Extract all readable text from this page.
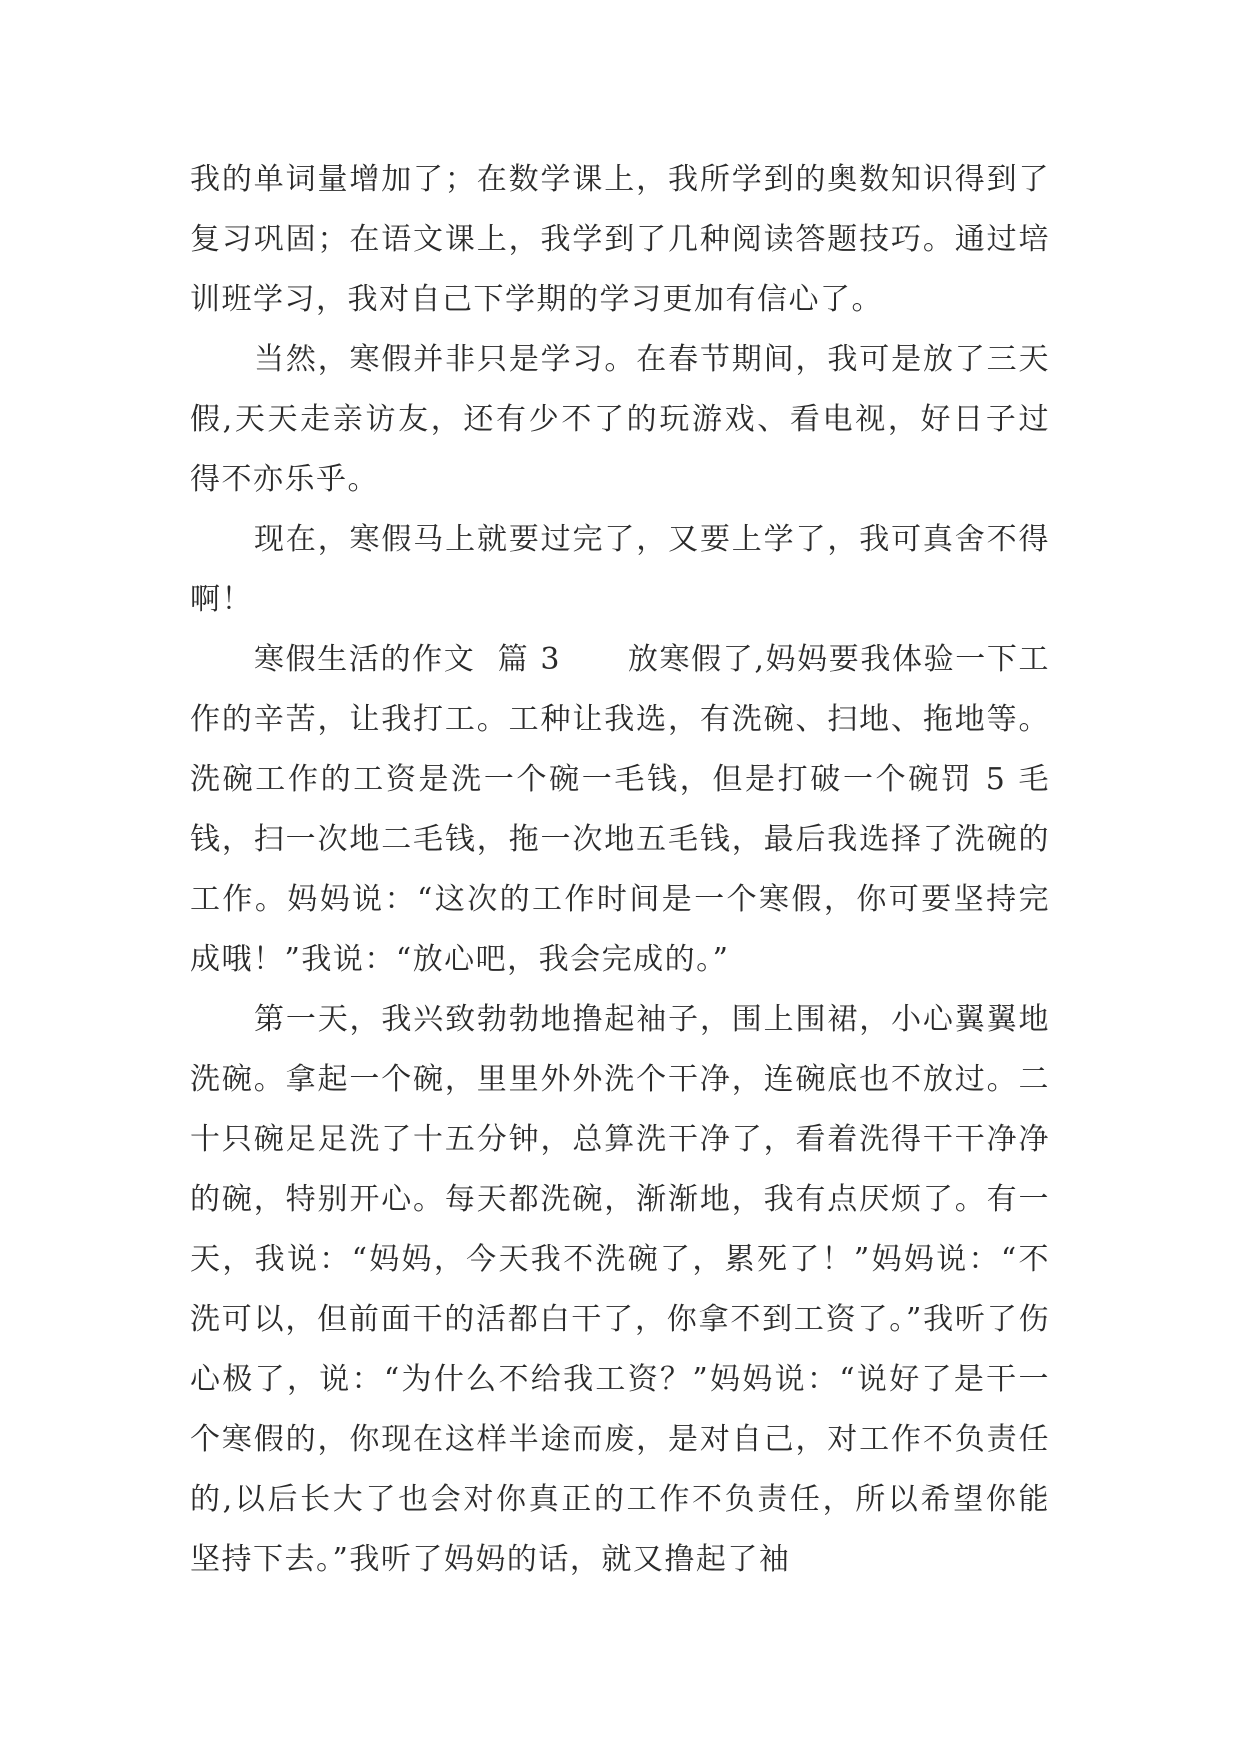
我的单词量增加了；在数学课上，我所学到的奥数知识得到了复习巩固；在语文课上，我学到了几种阅读答题技巧。通过培训班学习，我对自己下学期的学习更加有信心了。

当然，寒假并非只是学习。在春节期间，我可是放了三天假,天天走亲访友，还有少不了的玩游戏、看电视，好日子过得不亦乐乎。

现在，寒假马上就要过完了，又要上学了，我可真舍不得啊！

寒假生活的作文  篇 3      放寒假了,妈妈要我体验一下工作的辛苦，让我打工。工种让我选，有洗碗、扫地、拖地等。洗碗工作的工资是洗一个碗一毛钱，但是打破一个碗罚 5 毛钱，扫一次地二毛钱，拖一次地五毛钱，最后我选择了洗碗的工作。妈妈说：“这次的工作时间是一个寒假，你可要坚持完成哦！”我说：“放心吧，我会完成的。”

第一天，我兴致勃勃地撸起袖子，围上围裙，小心翼翼地洗碗。拿起一个碗，里里外外洗个干净，连碗底也不放过。二十只碗足足洗了十五分钟，总算洗干净了，看着洗得干干净净的碗，特别开心。每天都洗碗，渐渐地，我有点厌烦了。有一天，我说：“妈妈，今天我不洗碗了，累死了！”妈妈说：“不洗可以，但前面干的活都白干了，你拿不到工资了。”我听了伤心极了，说：“为什么不给我工资？”妈妈说：“说好了是干一个寒假的，你现在这样半途而废，是对自己，对工作不负责任的,以后长大了也会对你真正的工作不负责任，所以希望你能坚持下去。”我听了妈妈的话，就又撸起了袖
